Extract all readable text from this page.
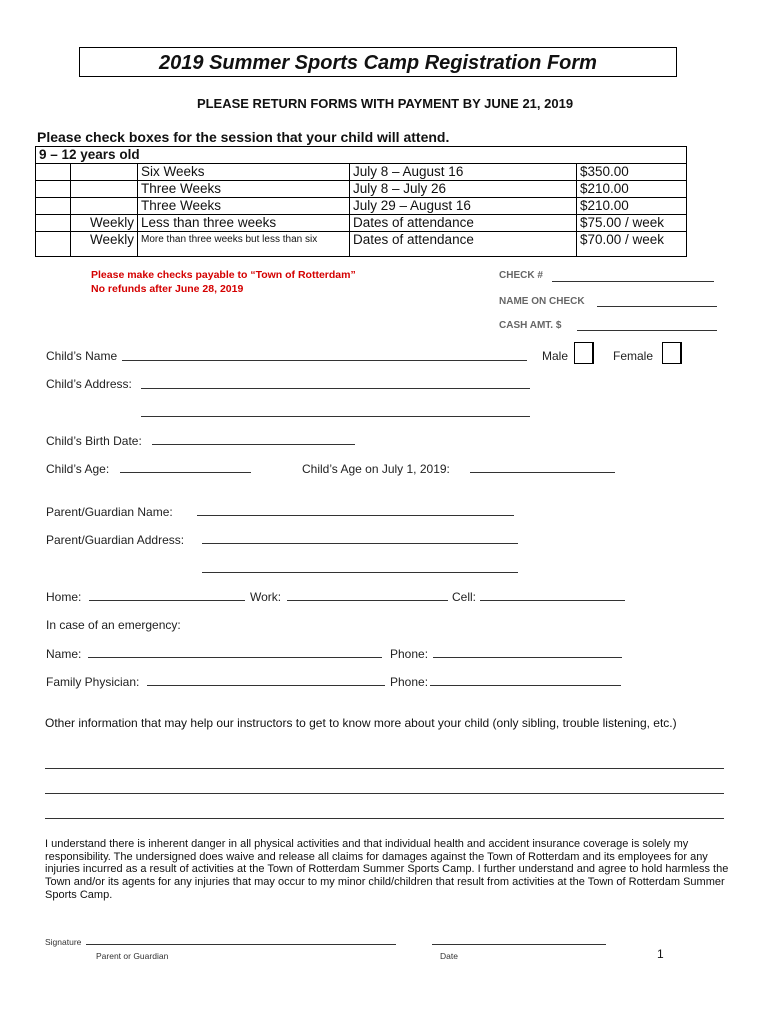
2019 Summer Sports Camp Registration Form
PLEASE RETURN FORMS WITH PAYMENT BY JUNE 21, 2019
Please check boxes for the session that your child will attend.
9 – 12 years old				
		Six Weeks	July 8 – August 16	$350.00
		Three Weeks	July 8 – July 26	$210.00
		Three Weeks	July 29 – August 16	$210.00
	Weekly	Less than three weeks	Dates of attendance	$75.00 / week
	Weekly	More than three weeks but less than six	Dates of attendance	$70.00 / week
Please make checks payable to “Town of Rotterdam”
No refunds after June 28, 2019
CHECK #
NAME ON CHECK
CASH AMT. $
Child’s Name	Male	Female
Child’s Address:
Child’s Birth Date:
Child’s Age:	Child’s Age on July 1, 2019:
Parent/Guardian Name:
Parent/Guardian Address:
Home:	Work:	Cell:
In case of an emergency:
Name:	Phone:
Family Physician:	Phone:
Other information that may help our instructors to get to know more about your child (only sibling, trouble listening, etc.)
I understand there is inherent danger in all physical activities and that individual health and accident insurance coverage is solely my responsibility. The undersigned does waive and release all claims for damages against the Town of Rotterdam and its employees for any injuries incurred as a result of activities at the Town of Rotterdam Summer Sports Camp. I further understand and agree to hold harmless the Town and/or its agents for any injuries that may occur to my minor child/children that result from activities at the Town of Rotterdam Summer Sports Camp.
Signature
Parent or Guardian	Date	1
